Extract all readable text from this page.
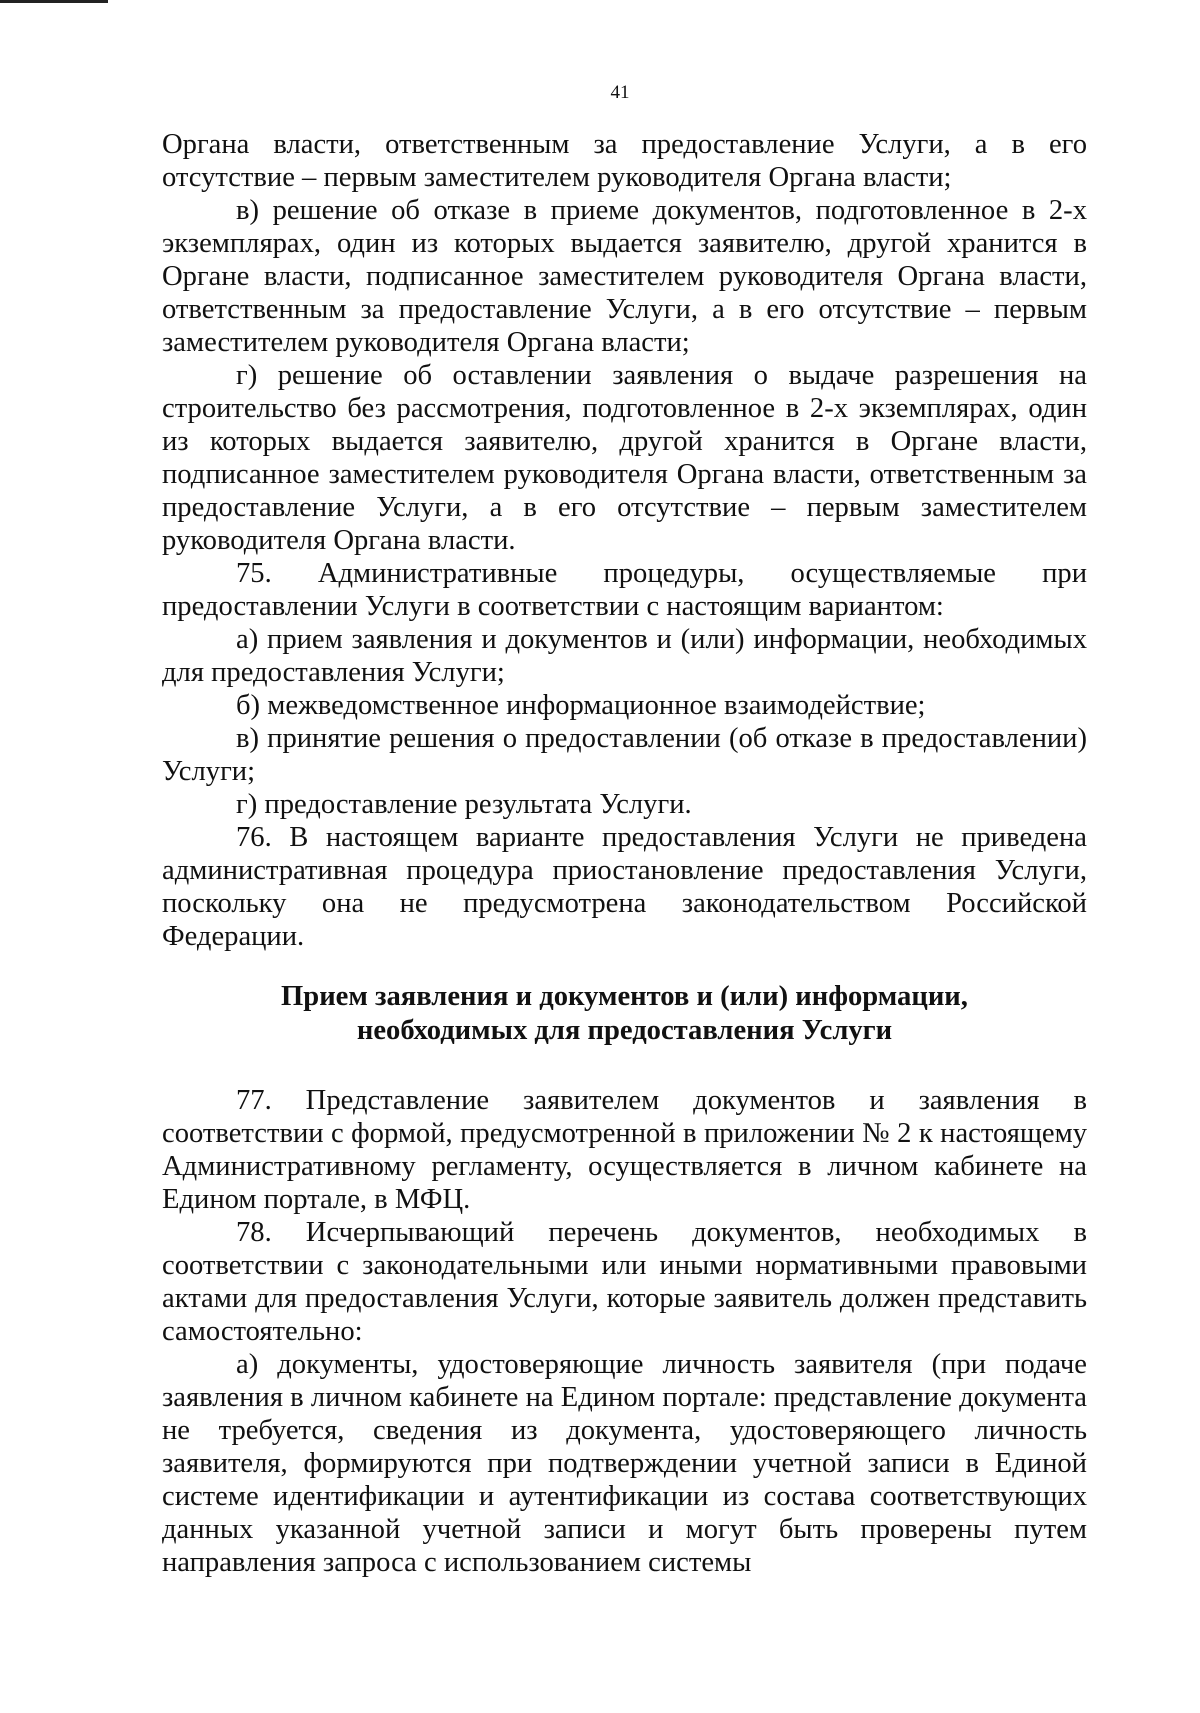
41

Органа власти, ответственным за предоставление Услуги, а в его отсутствие – первым заместителем руководителя Органа власти;

в) решение об отказе в приеме документов, подготовленное в 2-х экземплярах, один из которых выдается заявителю, другой хранится в Органе власти, подписанное заместителем руководителя Органа власти, ответственным за предоставление Услуги, а в его отсутствие – первым заместителем руководителя Органа власти;

г) решение об оставлении заявления о выдаче разрешения на строительство без рассмотрения, подготовленное в 2-х экземплярах, один из которых выдается заявителю, другой хранится в Органе власти, подписанное заместителем руководителя Органа власти, ответственным за предоставление Услуги, а в его отсутствие – первым заместителем руководителя Органа власти.

75. Административные процедуры, осуществляемые при предоставлении Услуги в соответствии с настоящим вариантом:

а) прием заявления и документов и (или) информации, необходимых для предоставления Услуги;

б) межведомственное информационное взаимодействие;

в) принятие решения о предоставлении (об отказе в предоставлении) Услуги;

г) предоставление результата Услуги.

76. В настоящем варианте предоставления Услуги не приведена административная процедура приостановление предоставления Услуги, поскольку она не предусмотрена законодательством Российской Федерации.

Прием заявления и документов и (или) информации,
необходимых для предоставления Услуги

77. Представление заявителем документов и заявления в соответствии с формой, предусмотренной в приложении № 2 к настоящему Административному регламенту, осуществляется в личном кабинете на Едином портале, в МФЦ.

78. Исчерпывающий перечень документов, необходимых в соответствии с законодательными или иными нормативными правовыми актами для предоставления Услуги, которые заявитель должен представить самостоятельно:

а) документы, удостоверяющие личность заявителя (при подаче заявления в личном кабинете на Едином портале: представление документа не требуется, сведения из документа, удостоверяющего личность заявителя, формируются при подтверждении учетной записи в Единой системе идентификации и аутентификации из состава соответствующих данных указанной учетной записи и могут быть проверены путем направления запроса с использованием системы
